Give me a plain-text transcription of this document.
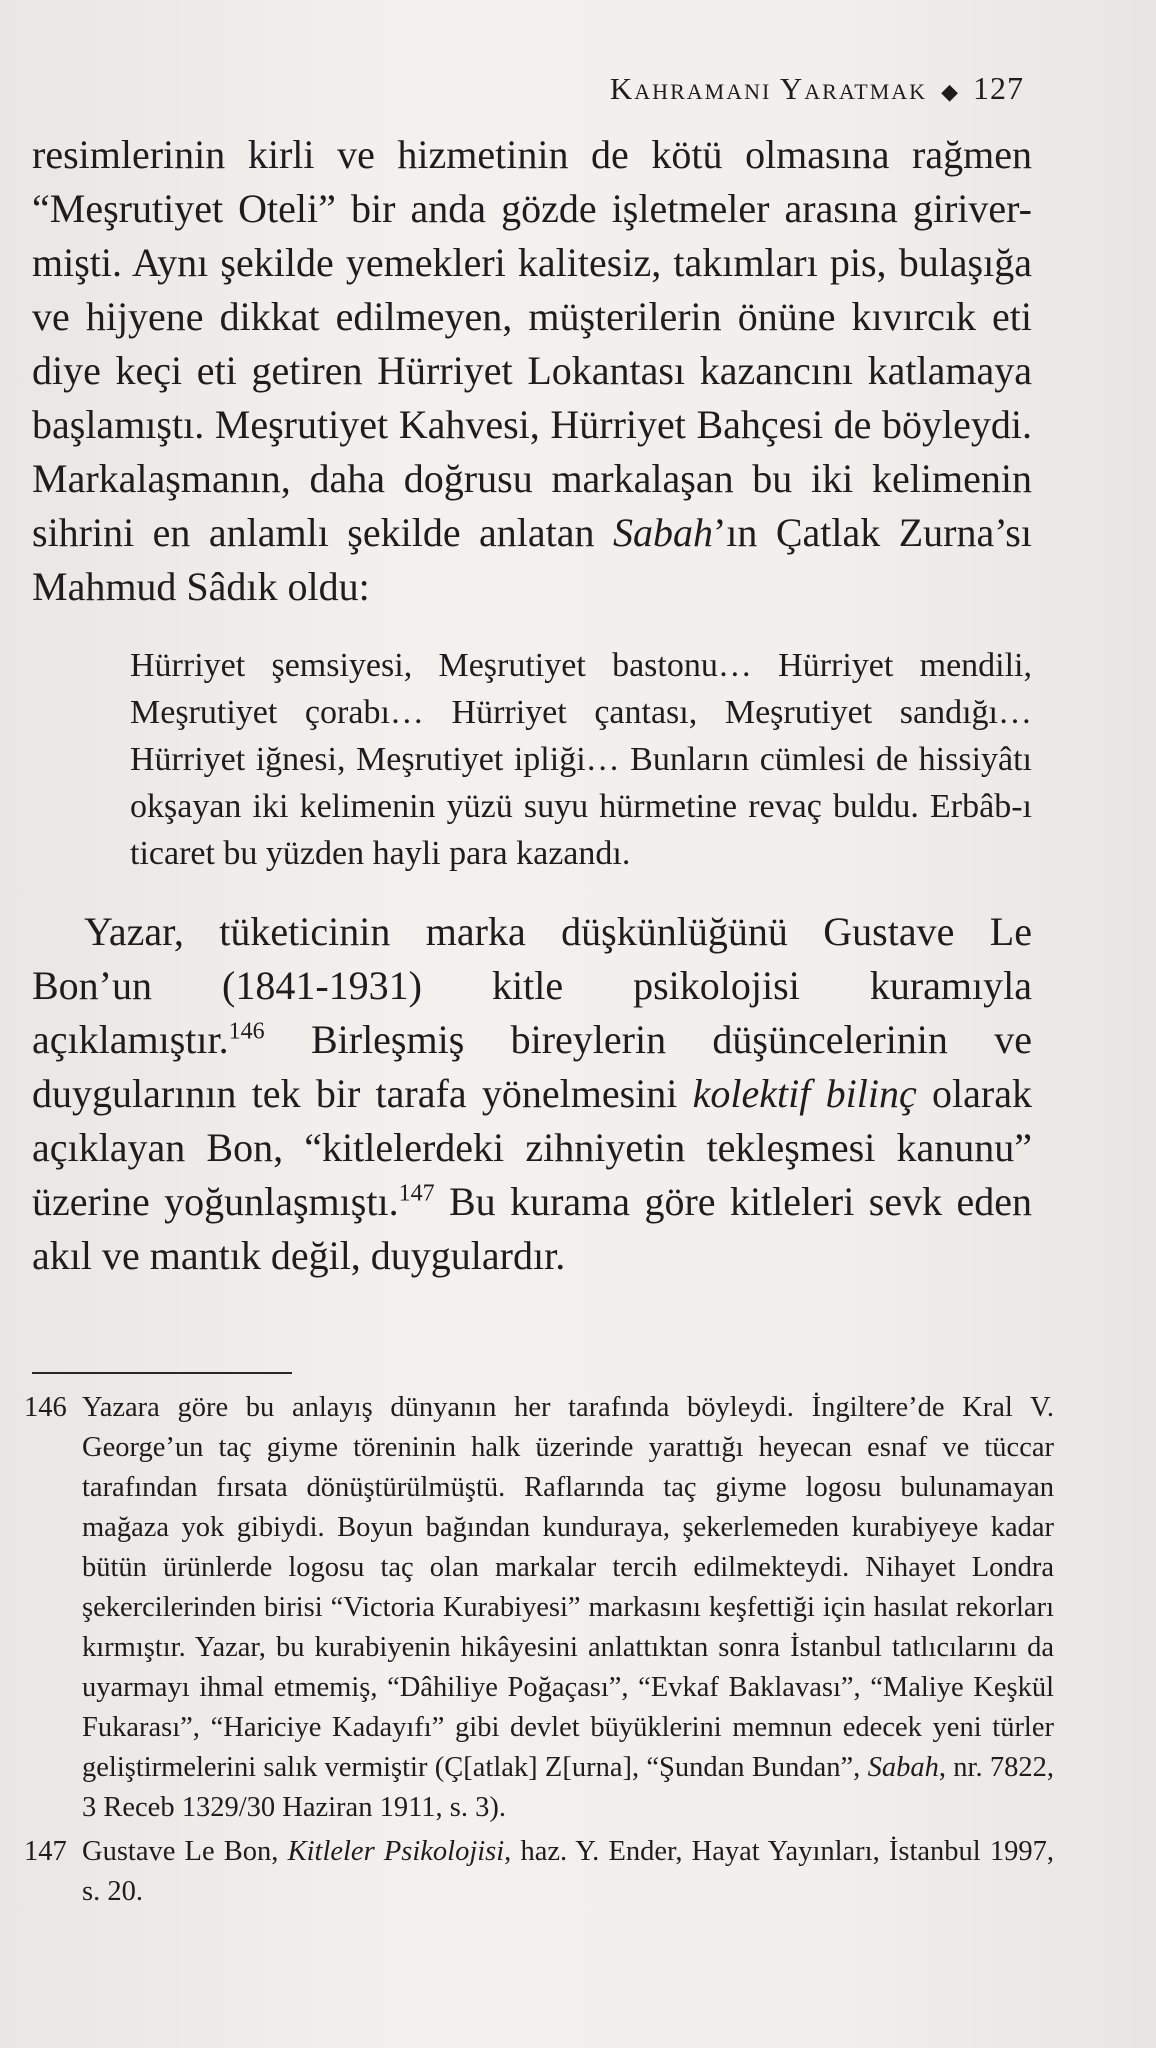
Kahramanı Yaratmak ◆ 127

resimlerinin kirli ve hizmetinin de kötü olmasına rağmen “Meşrutiyet Oteli” bir anda gözde işletmeler arasına giriver-mişti. Aynı şekilde yemekleri kalitesiz, takımları pis, bulaşığa ve hijyene dikkat edilmeyen, müşterilerin önüne kıvırcık eti diye keçi eti getiren Hürriyet Lokantası kazancını katlamaya başlamıştı. Meşrutiyet Kahvesi, Hürriyet Bahçesi de böyleydi. Markalaşmanın, daha doğrusu markalaşan bu iki kelimenin sihrini en anlamlı şekilde anlatan Sabah’ın Çatlak Zurna’sı Mahmud Sâdık oldu:

Hürriyet şemsiyesi, Meşrutiyet bastonu… Hürriyet mendili, Meşrutiyet çorabı… Hürriyet çantası, Meşrutiyet sandığı… Hürriyet iğnesi, Meşrutiyet ipliği… Bunların cümlesi de hissiyâtı okşayan iki kelimenin yüzü suyu hürmetine revaç buldu. Erbâb-ı ticaret bu yüzden hayli para kazandı.

Yazar, tüketicinin marka düşkünlüğünü Gustave Le Bon’un (1841-1931) kitle psikolojisi kuramıyla açıklamıştır.$^{146}$ Birleşmiş bireylerin düşüncelerinin ve duygularının tek bir tarafa yönelmesini kolektif bilinç olarak açıklayan Bon, “kitlelerdeki zihniyetin tekleşmesi kanunu” üzerine yoğunlaşmıştı.$^{147}$ Bu kurama göre kitleleri sevk eden akıl ve mantık değil, duygulardır.

146 Yazara göre bu anlayış dünyanın her tarafında böyleydi. İngiltere’de Kral V. George’un taç giyme töreninin halk üzerinde yarattığı heyecan esnaf ve tüccar tarafından fırsata dönüştürülmüştü. Raflarında taç giyme logosu bulunamayan mağaza yok gibiydi. Boyun bağından kunduraya, şekerlemeden kurabiyeye kadar bütün ürünlerde logosu taç olan markalar tercih edilmekteydi. Nihayet Londra şekercilerinden birisi “Victoria Kurabiyesi” markasını keşfettiği için hasılat rekorları kırmıştır. Yazar, bu kurabiyenin hikâyesini anlattıktan sonra İstanbul tatlıcılarını da uyarmayı ihmal etmemiş, “Dâhiliye Poğaçası”, “Evkaf Baklavası”, “Maliye Keşkül Fukarası”, “Hariciye Kadayıfı” gibi devlet büyüklerini memnun edecek yeni türler geliştirmelerini salık vermiştir (Ç[atlak] Z[urna], “Şundan Bundan”, Sabah, nr. 7822, 3 Receb 1329/30 Haziran 1911, s. 3).
147 Gustave Le Bon, Kitleler Psikolojisi, haz. Y. Ender, Hayat Yayınları, İstanbul 1997, s. 20.
